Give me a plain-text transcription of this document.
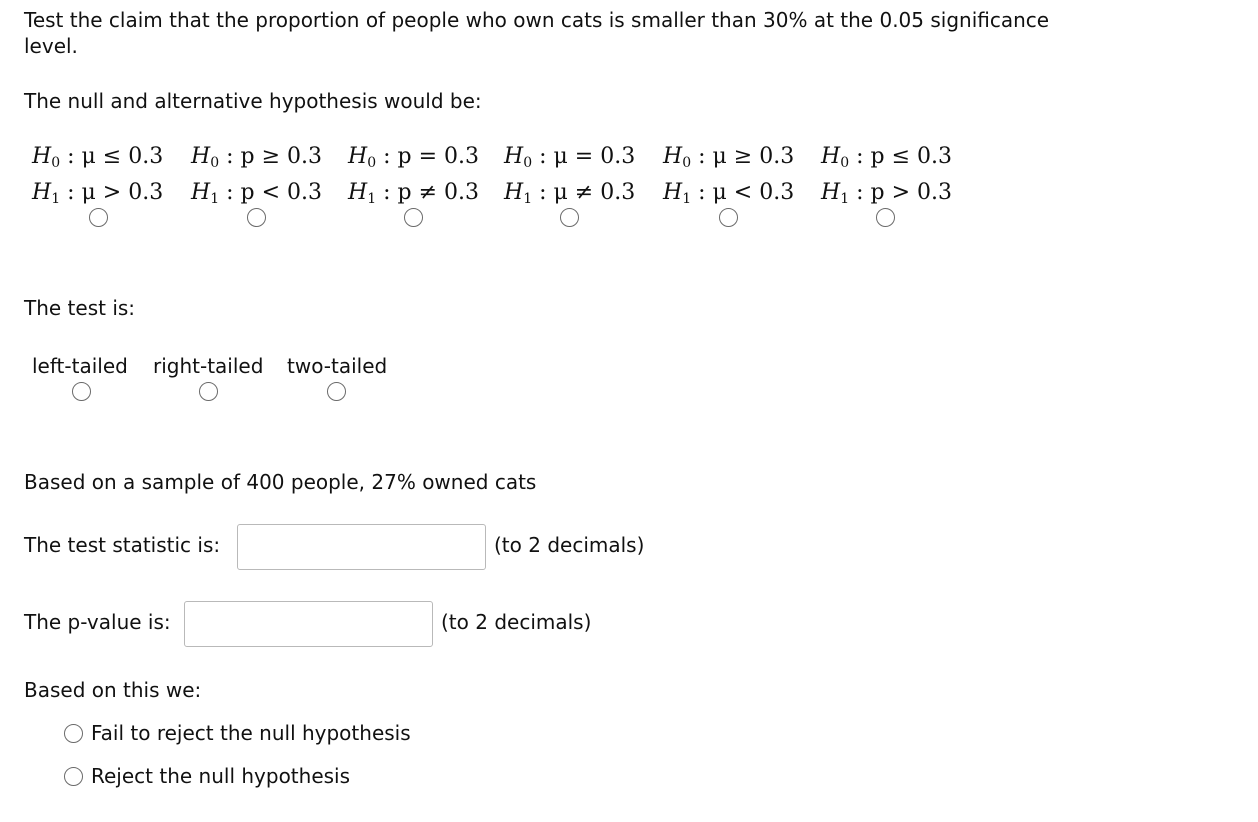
Test the claim that the proportion of people who own cats is smaller than 30% at the 0.05 significance
level.
The null and alternative hypothesis would be:
$H_0$ : μ ≤ 0.3
$H_1$ : μ > 0.3
$H_0$ : p ≥ 0.3
$H_1$ : p < 0.3
$H_0$ : p = 0.3
$H_1$ : p ≠ 0.3
$H_0$ : μ = 0.3
$H_1$ : μ ≠ 0.3
$H_0$ : μ ≥ 0.3
$H_1$ : μ < 0.3
$H_0$ : p ≤ 0.3
$H_1$ : p > 0.3
The test is:
left-tailed right-tailed two-tailed
Based on a sample of 400 people, 27% owned cats
The test statistic is:	(to 2 decimals)
The p-value is:	(to 2 decimals)
Based on this we:
Fail to reject the null hypothesis
Reject the null hypothesis
